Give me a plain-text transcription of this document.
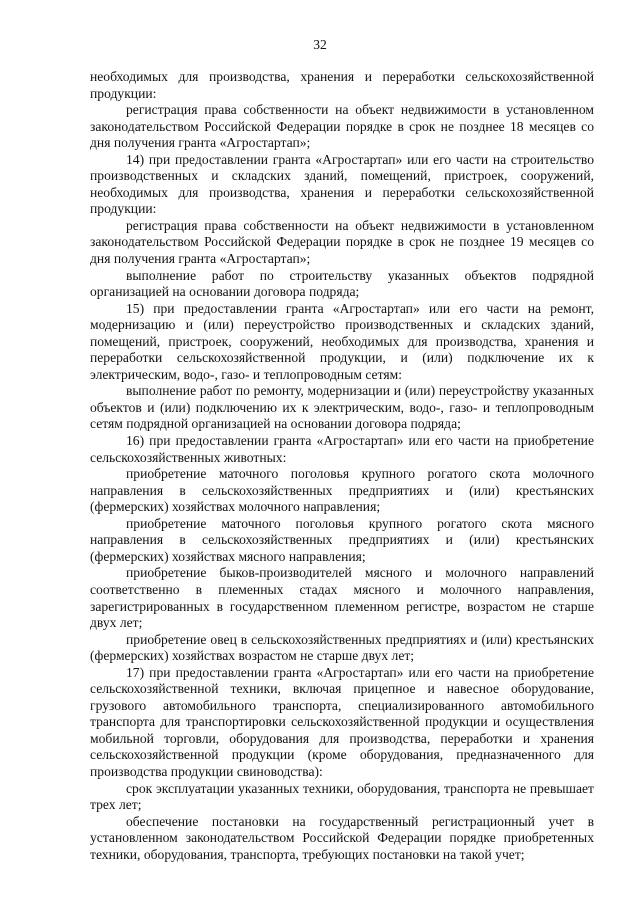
32

необходимых для производства, хранения и переработки сельскохозяйственной продукции:

регистрация права собственности на объект недвижимости в установленном законодательством Российской Федерации порядке в срок не позднее 18 месяцев со дня получения гранта «Агростартап»;

14) при предоставлении гранта «Агростартап» или его части на строительство производственных и складских зданий, помещений, пристроек, сооружений, необходимых для производства, хранения и переработки сельскохозяйственной продукции:

регистрация права собственности на объект недвижимости в установленном законодательством Российской Федерации порядке в срок не позднее 19 месяцев со дня получения гранта «Агростартап»;

выполнение работ по строительству указанных объектов подрядной организацией на основании договора подряда;

15) при предоставлении гранта «Агростартап» или его части на ремонт, модернизацию и (или) переустройство производственных и складских зданий, помещений, пристроек, сооружений, необходимых для производства, хранения и переработки сельскохозяйственной продукции, и (или) подключение их к электрическим, водо-, газо- и теплопроводным сетям:

выполнение работ по ремонту, модернизации и (или) переустройству указанных объектов и (или) подключению их к электрическим, водо-, газо- и теплопроводным сетям подрядной организацией на основании договора подряда;

16) при предоставлении гранта «Агростартап» или его части на приобретение сельскохозяйственных животных:

приобретение маточного поголовья крупного рогатого скота молочного направления в сельскохозяйственных предприятиях и (или) крестьянских (фермерских) хозяйствах молочного направления;

приобретение маточного поголовья крупного рогатого скота мясного направления в сельскохозяйственных предприятиях и (или) крестьянских (фермерских) хозяйствах мясного направления;

приобретение быков-производителей мясного и молочного направлений соответственно в племенных стадах мясного и молочного направления, зарегистрированных в государственном племенном регистре, возрастом не старше двух лет;

приобретение овец в сельскохозяйственных предприятиях и (или) крестьянских (фермерских) хозяйствах возрастом не старше двух лет;

17) при предоставлении гранта «Агростартап» или его части на приобретение сельскохозяйственной техники, включая прицепное и навесное оборудование, грузового автомобильного транспорта, специализированного автомобильного транспорта для транспортировки сельскохозяйственной продукции и осуществления мобильной торговли, оборудования для производства, переработки и хранения сельскохозяйственной продукции (кроме оборудования, предназначенного для производства продукции свиноводства):

срок эксплуатации указанных техники, оборудования, транспорта не превышает трех лет;

обеспечение постановки на государственный регистрационный учет в установленном законодательством Российской Федерации порядке приобретенных техники, оборудования, транспорта, требующих постановки на такой учет;
